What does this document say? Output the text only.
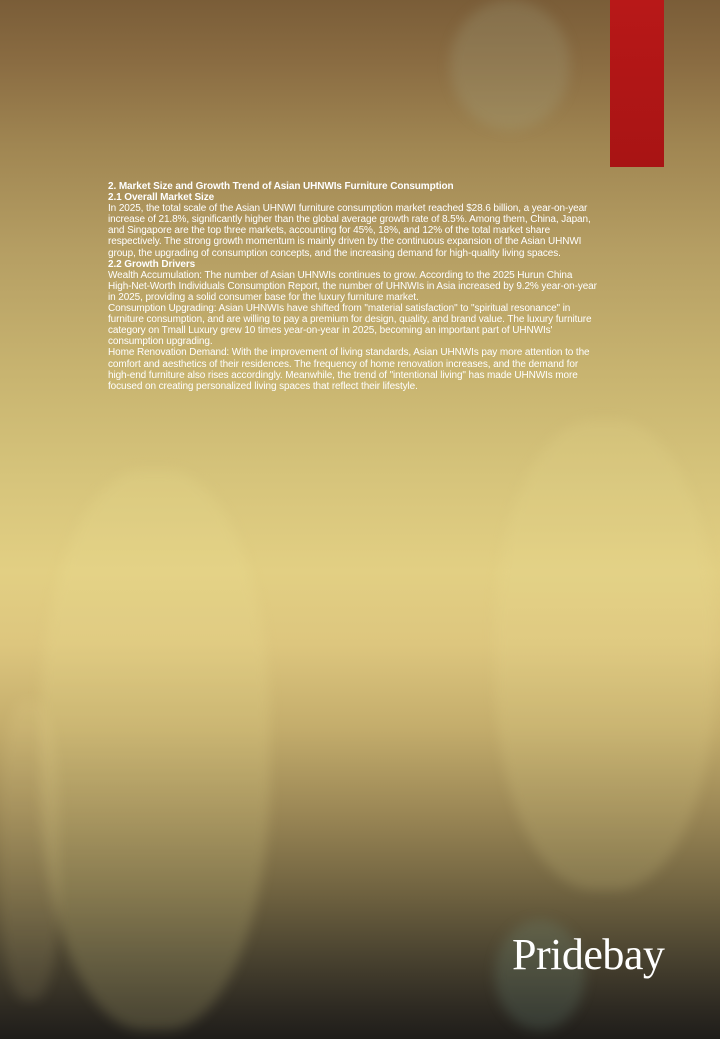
2. Market Size and Growth Trend of Asian UHNWIs Furniture Consumption

2.1 Overall Market Size

In 2025, the total scale of the Asian UHNWI furniture consumption market reached $28.6 billion, a year-on-year increase of 21.8%, significantly higher than the global average growth rate of 8.5%. Among them, China, Japan, and Singapore are the top three markets, accounting for 45%, 18%, and 12% of the total market share respectively. The strong growth momentum is mainly driven by the continuous expansion of the Asian UHNWI group, the upgrading of consumption concepts, and the increasing demand for high-quality living spaces.

2.2 Growth Drivers

Wealth Accumulation: The number of Asian UHNWIs continues to grow. According to the 2025 Hurun China High-Net-Worth Individuals Consumption Report, the number of UHNWIs in Asia increased by 9.2% year-on-year in 2025, providing a solid consumer base for the luxury furniture market.

Consumption Upgrading: Asian UHNWIs have shifted from "material satisfaction" to "spiritual resonance" in furniture consumption, and are willing to pay a premium for design, quality, and brand value. The luxury furniture category on Tmall Luxury grew 10 times year-on-year in 2025, becoming an important part of UHNWIs' consumption upgrading.

Home Renovation Demand: With the improvement of living standards, Asian UHNWIs pay more attention to the comfort and aesthetics of their residences. The frequency of home renovation increases, and the demand for high-end furniture also rises accordingly. Meanwhile, the trend of "intentional living" has made UHNWIs more focused on creating personalized living spaces that reflect their lifestyle.

Pridebay
